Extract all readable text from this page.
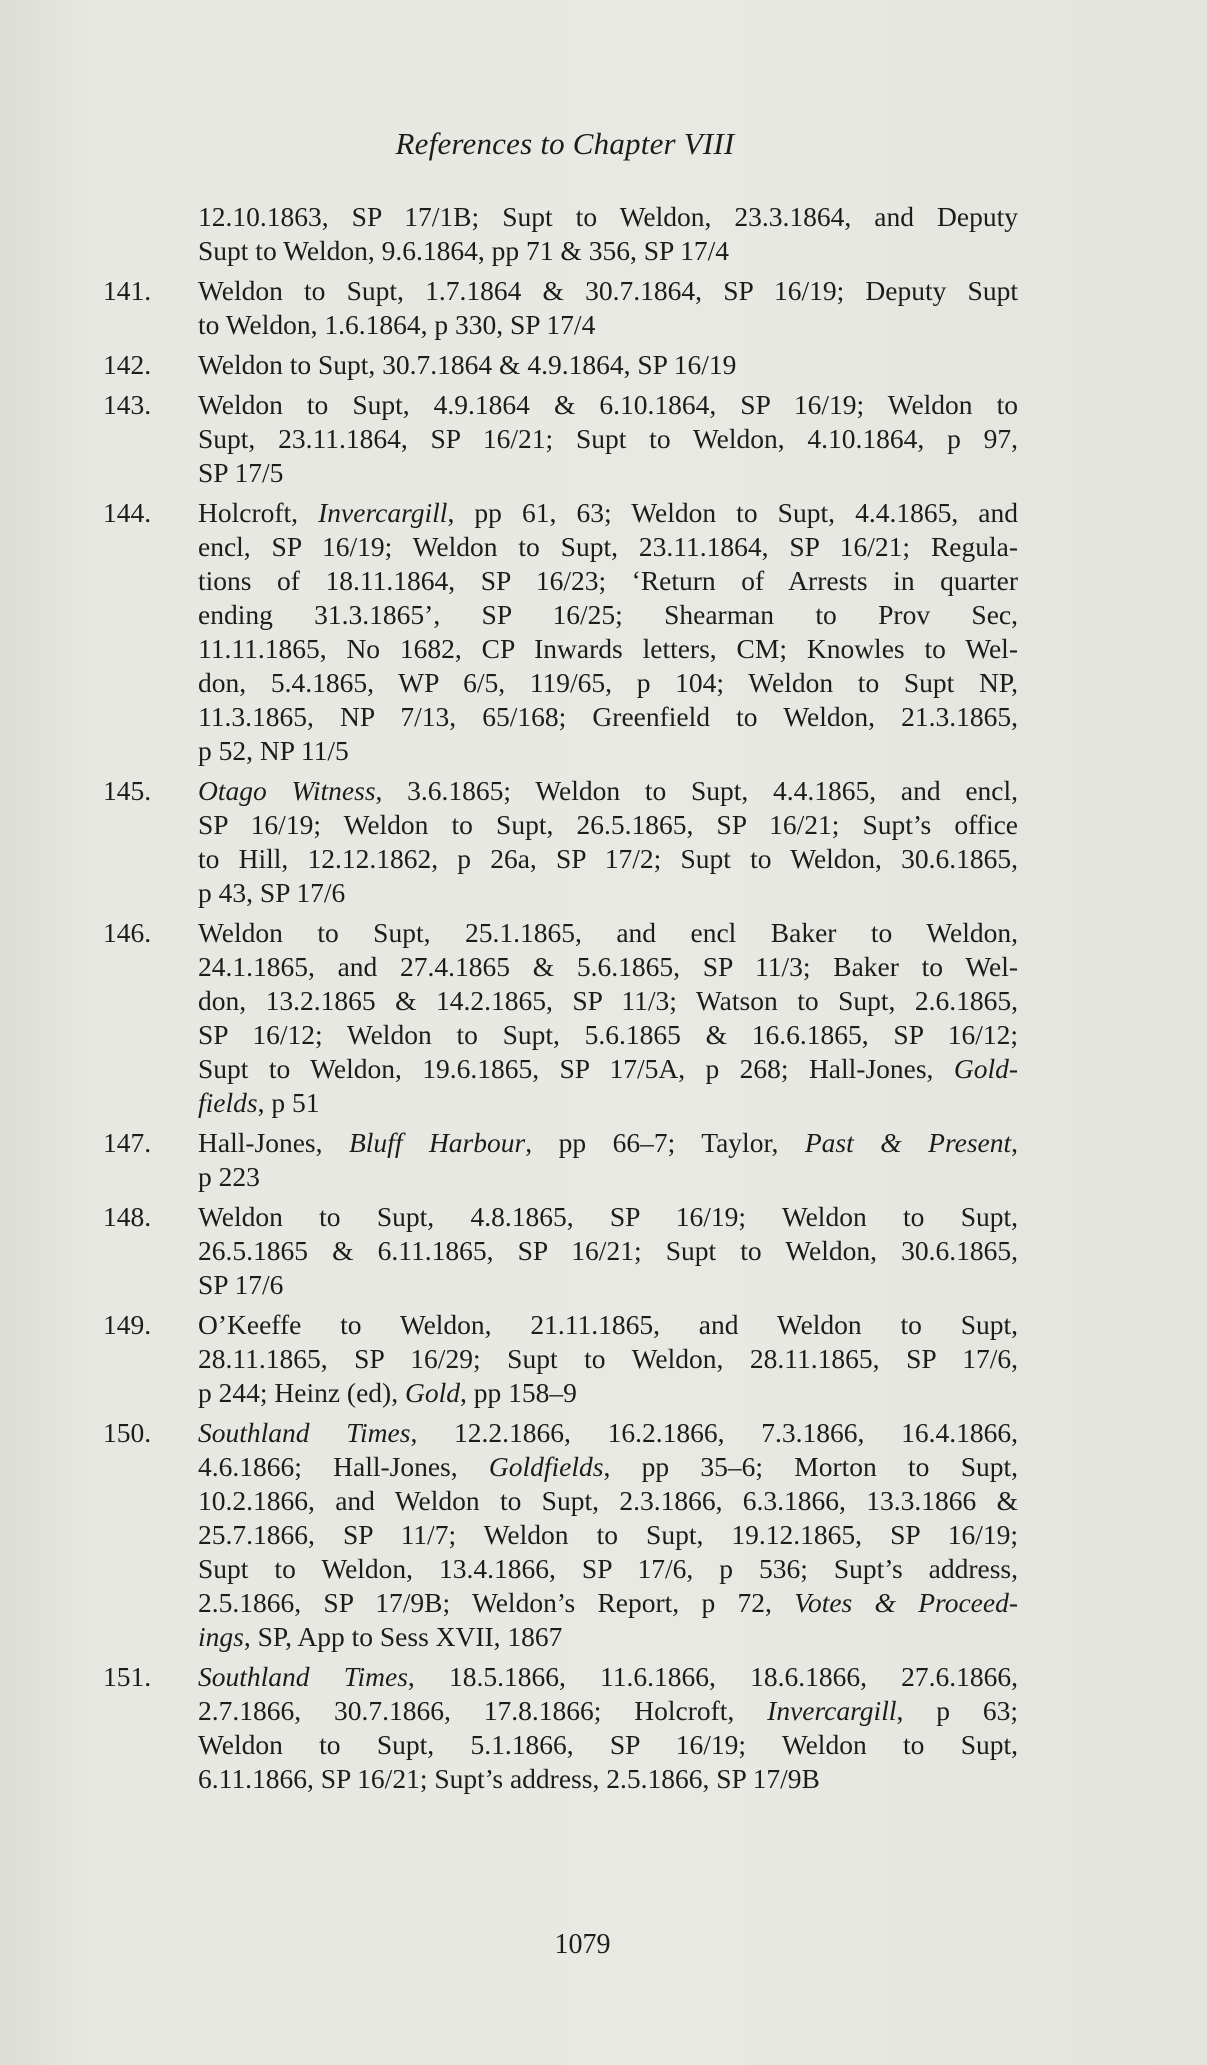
References to Chapter VIII
12.10.1863, SP 17/1B; Supt to Weldon, 23.3.1864, and Deputy
Supt to Weldon, 9.6.1864, pp 71 & 356, SP 17/4
141. Weldon to Supt, 1.7.1864 & 30.7.1864, SP 16/19; Deputy Supt
to Weldon, 1.6.1864, p 330, SP 17/4
142. Weldon to Supt, 30.7.1864 & 4.9.1864, SP 16/19
143. Weldon to Supt, 4.9.1864 & 6.10.1864, SP 16/19; Weldon to
Supt, 23.11.1864, SP 16/21; Supt to Weldon, 4.10.1864, p 97,
SP 17/5
144. Holcroft, Invercargill, pp 61, 63; Weldon to Supt, 4.4.1865, and
encl, SP 16/19; Weldon to Supt, 23.11.1864, SP 16/21; Regula-
tions of 18.11.1864, SP 16/23; ‘Return of Arrests in quarter
ending 31.3.1865’, SP 16/25; Shearman to Prov Sec,
11.11.1865, No 1682, CP Inwards letters, CM; Knowles to Wel-
don, 5.4.1865, WP 6/5, 119/65, p 104; Weldon to Supt NP,
11.3.1865, NP 7/13, 65/168; Greenfield to Weldon, 21.3.1865,
p 52, NP 11/5
145. Otago Witness, 3.6.1865; Weldon to Supt, 4.4.1865, and encl,
SP 16/19; Weldon to Supt, 26.5.1865, SP 16/21; Supt’s office
to Hill, 12.12.1862, p 26a, SP 17/2; Supt to Weldon, 30.6.1865,
p 43, SP 17/6
146. Weldon to Supt, 25.1.1865, and encl Baker to Weldon,
24.1.1865, and 27.4.1865 & 5.6.1865, SP 11/3; Baker to Wel-
don, 13.2.1865 & 14.2.1865, SP 11/3; Watson to Supt, 2.6.1865,
SP 16/12; Weldon to Supt, 5.6.1865 & 16.6.1865, SP 16/12;
Supt to Weldon, 19.6.1865, SP 17/5A, p 268; Hall-Jones, Gold-
fields, p 51
147. Hall-Jones, Bluff Harbour, pp 66–7; Taylor, Past & Present,
p 223
148. Weldon to Supt, 4.8.1865, SP 16/19; Weldon to Supt,
26.5.1865 & 6.11.1865, SP 16/21; Supt to Weldon, 30.6.1865,
SP 17/6
149. O’Keeffe to Weldon, 21.11.1865, and Weldon to Supt,
28.11.1865, SP 16/29; Supt to Weldon, 28.11.1865, SP 17/6,
p 244; Heinz (ed), Gold, pp 158–9
150. Southland Times, 12.2.1866, 16.2.1866, 7.3.1866, 16.4.1866,
4.6.1866; Hall-Jones, Goldfields, pp 35–6; Morton to Supt,
10.2.1866, and Weldon to Supt, 2.3.1866, 6.3.1866, 13.3.1866 &
25.7.1866, SP 11/7; Weldon to Supt, 19.12.1865, SP 16/19;
Supt to Weldon, 13.4.1866, SP 17/6, p 536; Supt’s address,
2.5.1866, SP 17/9B; Weldon’s Report, p 72, Votes & Proceed-
ings, SP, App to Sess XVII, 1867
151. Southland Times, 18.5.1866, 11.6.1866, 18.6.1866, 27.6.1866,
2.7.1866, 30.7.1866, 17.8.1866; Holcroft, Invercargill, p 63;
Weldon to Supt, 5.1.1866, SP 16/19; Weldon to Supt,
6.11.1866, SP 16/21; Supt’s address, 2.5.1866, SP 17/9B
1079
